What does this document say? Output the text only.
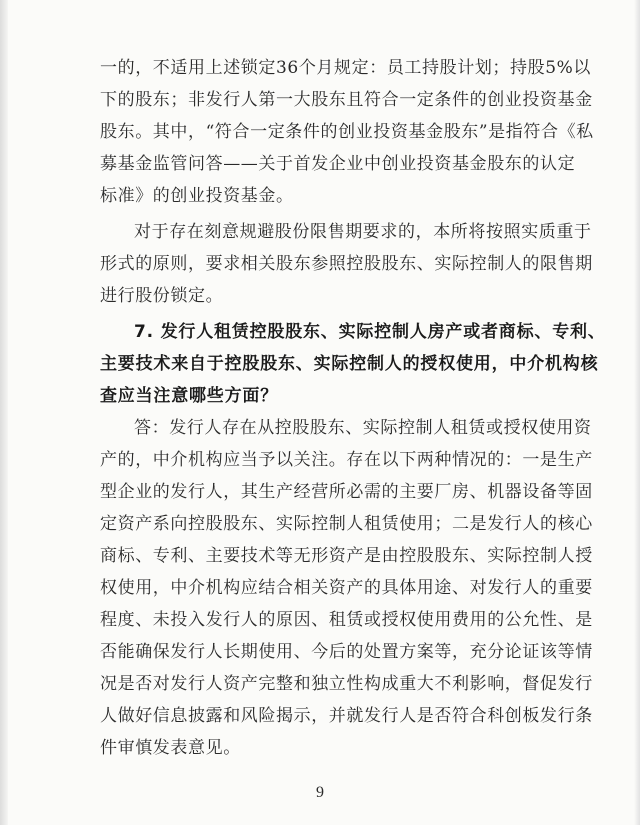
一的，不适用上述锁定36个月规定：员工持股计划；持股5%以
下的股东；非发行人第一大股东且符合一定条件的创业投资基金
股东。其中，“符合一定条件的创业投资基金股东”是指符合《私
募基金监管问答——关于首发企业中创业投资基金股东的认定
标准》的创业投资基金。
对于存在刻意规避股份限售期要求的，本所将按照实质重于
形式的原则，要求相关股东参照控股股东、实际控制人的限售期
进行股份锁定。
7. 发行人租赁控股股东、实际控制人房产或者商标、专利、
主要技术来自于控股股东、实际控制人的授权使用，中介机构核
查应当注意哪些方面？
答：发行人存在从控股股东、实际控制人租赁或授权使用资
产的，中介机构应当予以关注。存在以下两种情况的：一是生产
型企业的发行人，其生产经营所必需的主要厂房、机器设备等固
定资产系向控股股东、实际控制人租赁使用；二是发行人的核心
商标、专利、主要技术等无形资产是由控股股东、实际控制人授
权使用，中介机构应结合相关资产的具体用途、对发行人的重要
程度、未投入发行人的原因、租赁或授权使用费用的公允性、是
否能确保发行人长期使用、今后的处置方案等，充分论证该等情
况是否对发行人资产完整和独立性构成重大不利影响，督促发行
人做好信息披露和风险揭示，并就发行人是否符合科创板发行条
件审慎发表意见。
9
